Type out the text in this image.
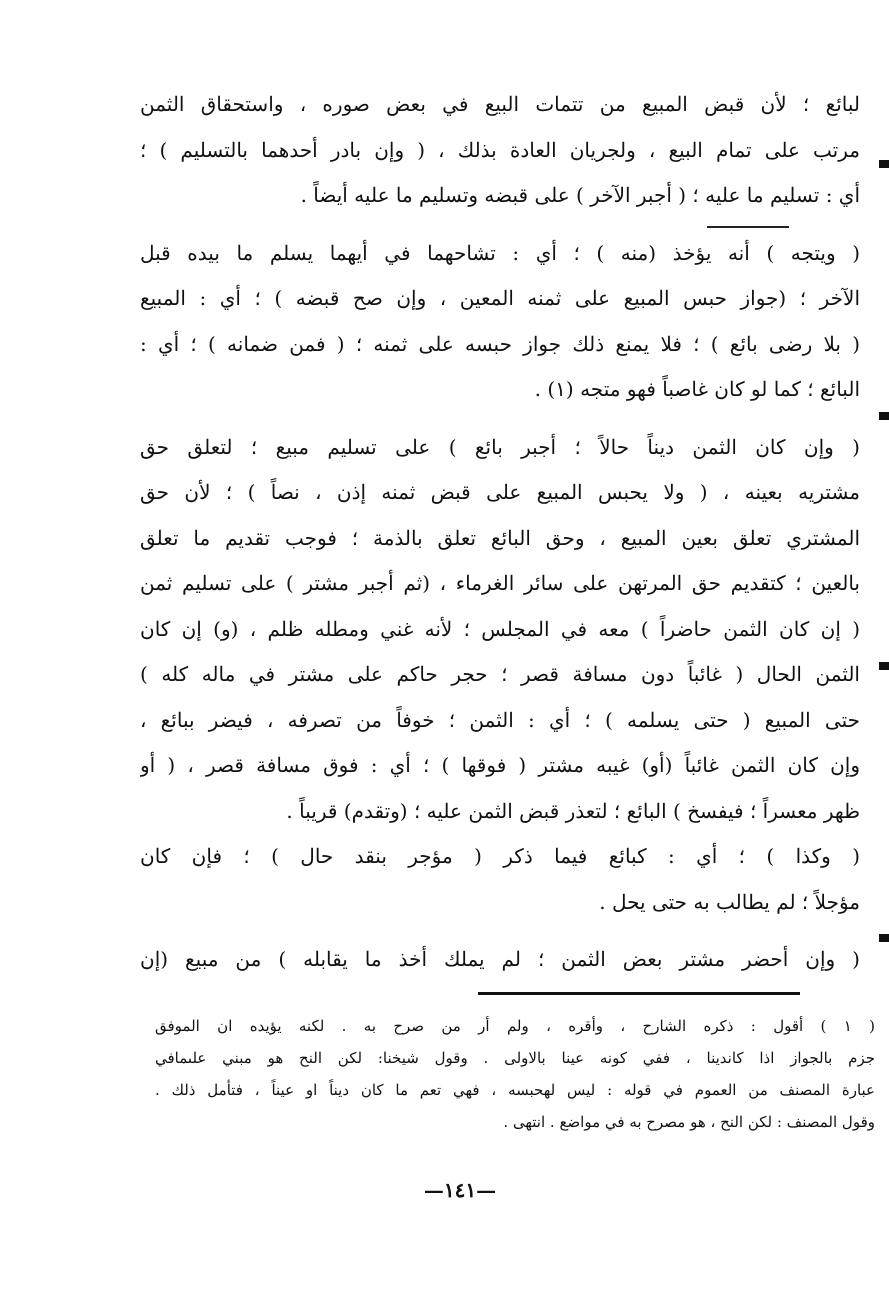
لبائع ؛ لأن قبض المبيع من تتمات البيع في بعض صوره ، واستحقاق الثمن
مرتب على تمام البيع ، ولجريان العادة بذلك ، ( وإن بادر أحدهما بالتسليم ) ؛
أي : تسليم ما عليه ؛ ( أجبر الآخر ) على قبضه وتسليم ما عليه أيضاً .
( ويتجه ) أنه يؤخذ (منه ) ؛ أي : تشاحهما في أيهما يسلم ما بيده قبل
الآخر ؛ (جواز حبس المبيع على ثمنه المعين ، وإن صح قبضه ) ؛ أي : المبيع
( بلا رضى بائع ) ؛ فلا يمنع ذلك جواز حبسه على ثمنه ؛ ( فمن ضمانه ) ؛ أي :
البائع ؛ كما لو كان غاصباً فهو متجه (١) .
( وإن كان الثمن ديناً حالاً ؛ أجبر بائع ) على تسليم مبيع ؛ لتعلق حق
مشتريه بعينه ، ( ولا يحبس المبيع على قبض ثمنه إذن ، نصاً ) ؛ لأن حق
المشتري تعلق بعين المبيع ، وحق البائع تعلق بالذمة ؛ فوجب تقديم ما تعلق
بالعين ؛ كتقديم حق المرتهن على سائر الغرماء ، (ثم أجبر مشتر ) على تسليم ثمن
( إن كان الثمن حاضراً ) معه في المجلس ؛ لأنه غني ومطله ظلم ، (و) إن كان
الثمن الحال ( غائباً دون مسافة قصر ؛ حجر حاكم على مشتر في ماله كله )
حتى المبيع ( حتى يسلمه ) ؛ أي : الثمن ؛ خوفاً من تصرفه ، فيضر ببائع ،
وإن كان الثمن غائباً (أو) غيبه مشتر ( فوقها ) ؛ أي : فوق مسافة قصر ، ( أو
ظهر معسراً ؛ فيفسخ ) البائع ؛ لتعذر قبض الثمن عليه ؛ (وتقدم) قريباً .
( وكذا ) ؛ أي : كبائع فيما ذكر ( مؤجر بنقد حال ) ؛ فإن كان
مؤجلاً ؛ لم يطالب به حتى يحل .
( وإن أحضر مشتر بعض الثمن ؛ لم يملك أخذ ما يقابله ) من مبيع (إن
( ١ ) أقول : ذكره الشارح ، وأقره ، ولم أر من صرح به . لكنه يؤيده ان الموفق
جزم بالجواز اذا كاندينا ، ففي كونه عينا بالاولى . وقول شيخنا: لكن النح هو مبني علىمافي
عبارة المصنف من العموم في قوله : ليس لهحبسه ، فهي تعم ما كان ديناً او عيناً ، فتأمل ذلك .
وقول المصنف : لكن النح ، هو مصرح به في مواضع . انتهى .
—١٤١—
